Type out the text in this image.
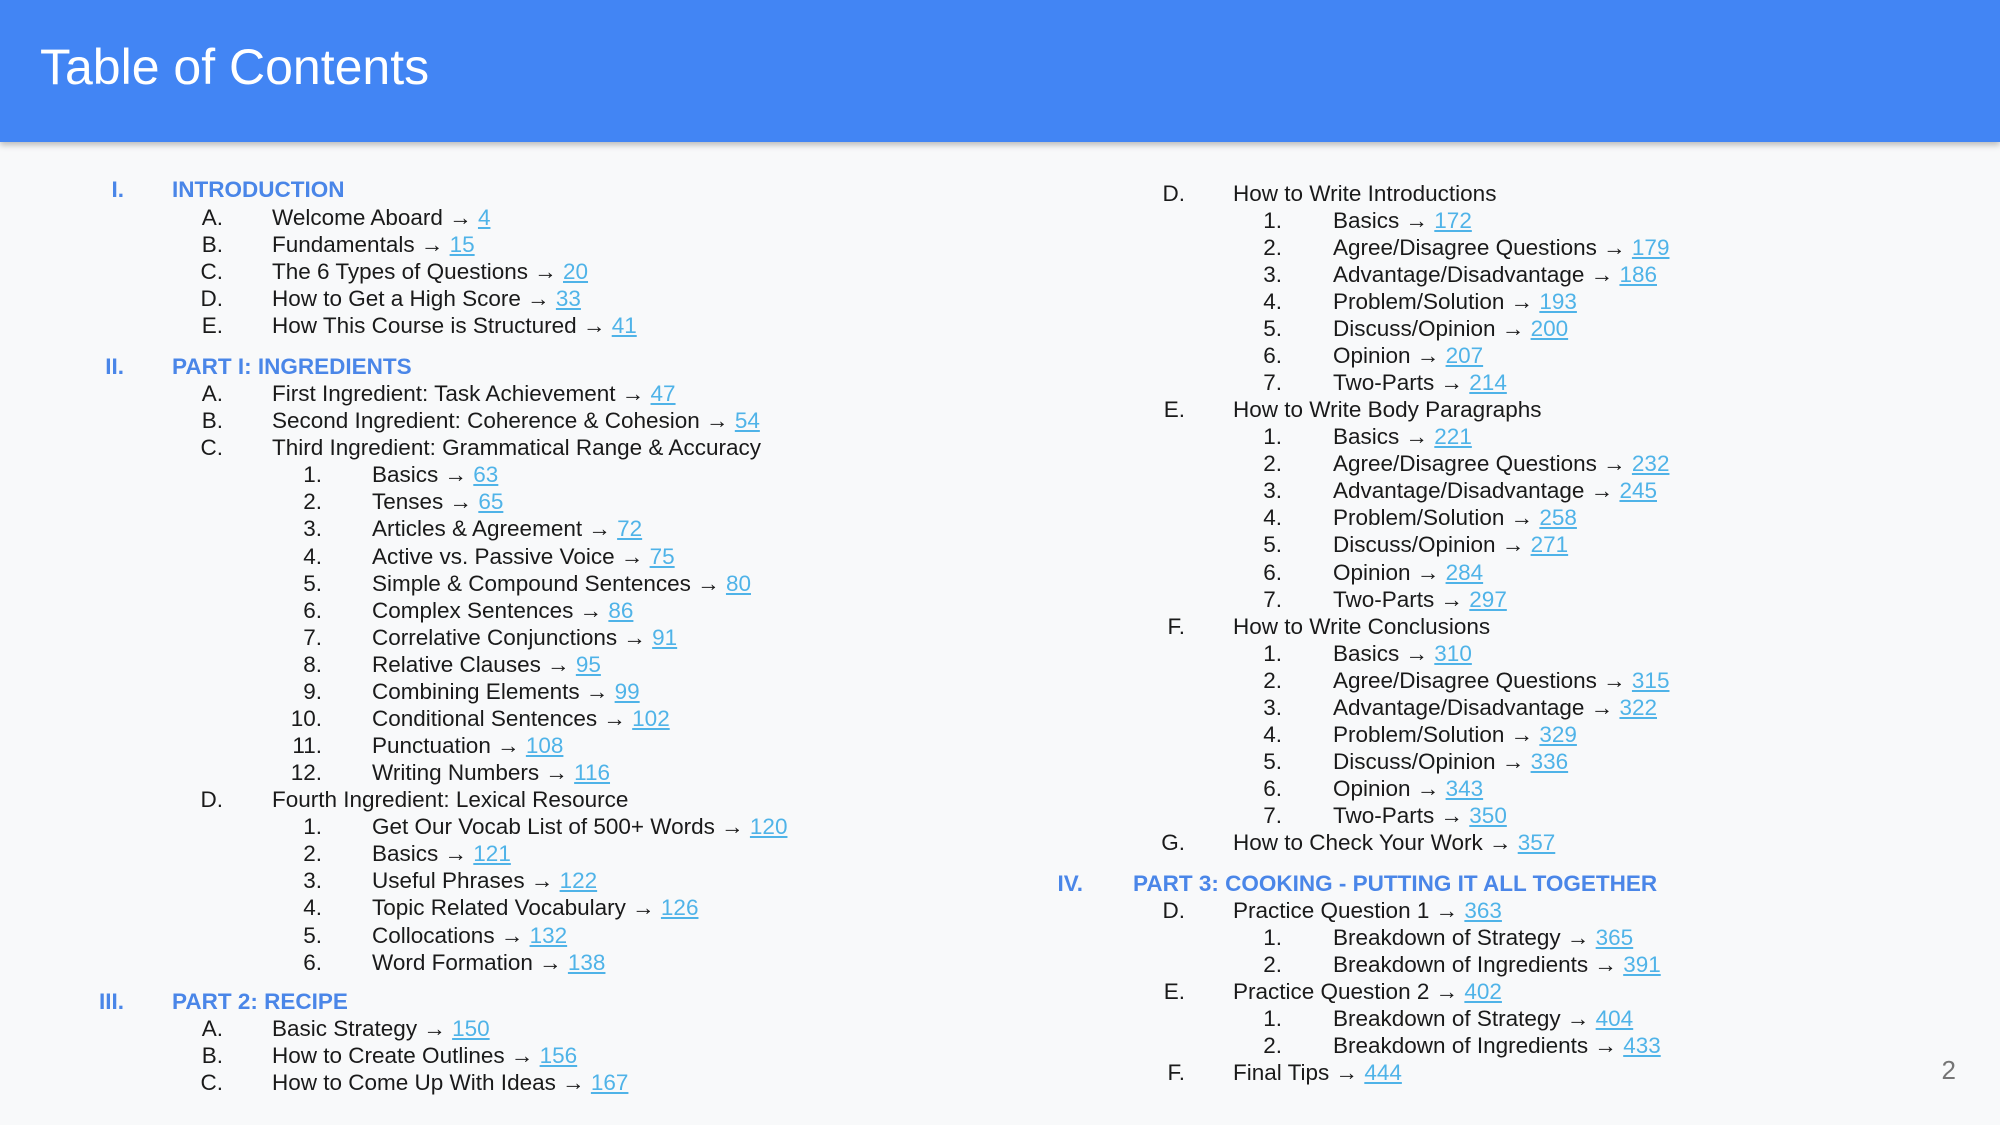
Table of Contents
I. INTRODUCTION
A. Welcome Aboard → 4
B. Fundamentals → 15
C. The 6 Types of Questions → 20
D. How to Get a High Score → 33
E. How This Course is Structured → 41
II. PART I: INGREDIENTS
A. First Ingredient: Task Achievement → 47
B. Second Ingredient: Coherence & Cohesion → 54
C. Third Ingredient: Grammatical Range & Accuracy
1. Basics → 63
2. Tenses → 65
3. Articles & Agreement → 72
4. Active vs. Passive Voice → 75
5. Simple & Compound Sentences → 80
6. Complex Sentences → 86
7. Correlative Conjunctions → 91
8. Relative Clauses → 95
9. Combining Elements → 99
10. Conditional Sentences → 102
11. Punctuation → 108
12. Writing Numbers → 116
D. Fourth Ingredient: Lexical Resource
1. Get Our Vocab List of 500+ Words → 120
2. Basics → 121
3. Useful Phrases → 122
4. Topic Related Vocabulary → 126
5. Collocations → 132
6. Word Formation → 138
III. PART 2: RECIPE
A. Basic Strategy → 150
B. How to Create Outlines → 156
C. How to Come Up With Ideas → 167
D. How to Write Introductions
1. Basics → 172
2. Agree/Disagree Questions → 179
3. Advantage/Disadvantage → 186
4. Problem/Solution → 193
5. Discuss/Opinion → 200
6. Opinion → 207
7. Two-Parts → 214
E. How to Write Body Paragraphs
1. Basics → 221
2. Agree/Disagree Questions → 232
3. Advantage/Disadvantage → 245
4. Problem/Solution → 258
5. Discuss/Opinion → 271
6. Opinion → 284
7. Two-Parts → 297
F. How to Write Conclusions
1. Basics → 310
2. Agree/Disagree Questions → 315
3. Advantage/Disadvantage → 322
4. Problem/Solution → 329
5. Discuss/Opinion → 336
6. Opinion → 343
7. Two-Parts → 350
G. How to Check Your Work → 357
IV. PART 3: COOKING - PUTTING IT ALL TOGETHER
D. Practice Question 1 → 363
1. Breakdown of Strategy → 365
2. Breakdown of Ingredients → 391
E. Practice Question 2 → 402
1. Breakdown of Strategy → 404
2. Breakdown of Ingredients → 433
F. Final Tips → 444	2
